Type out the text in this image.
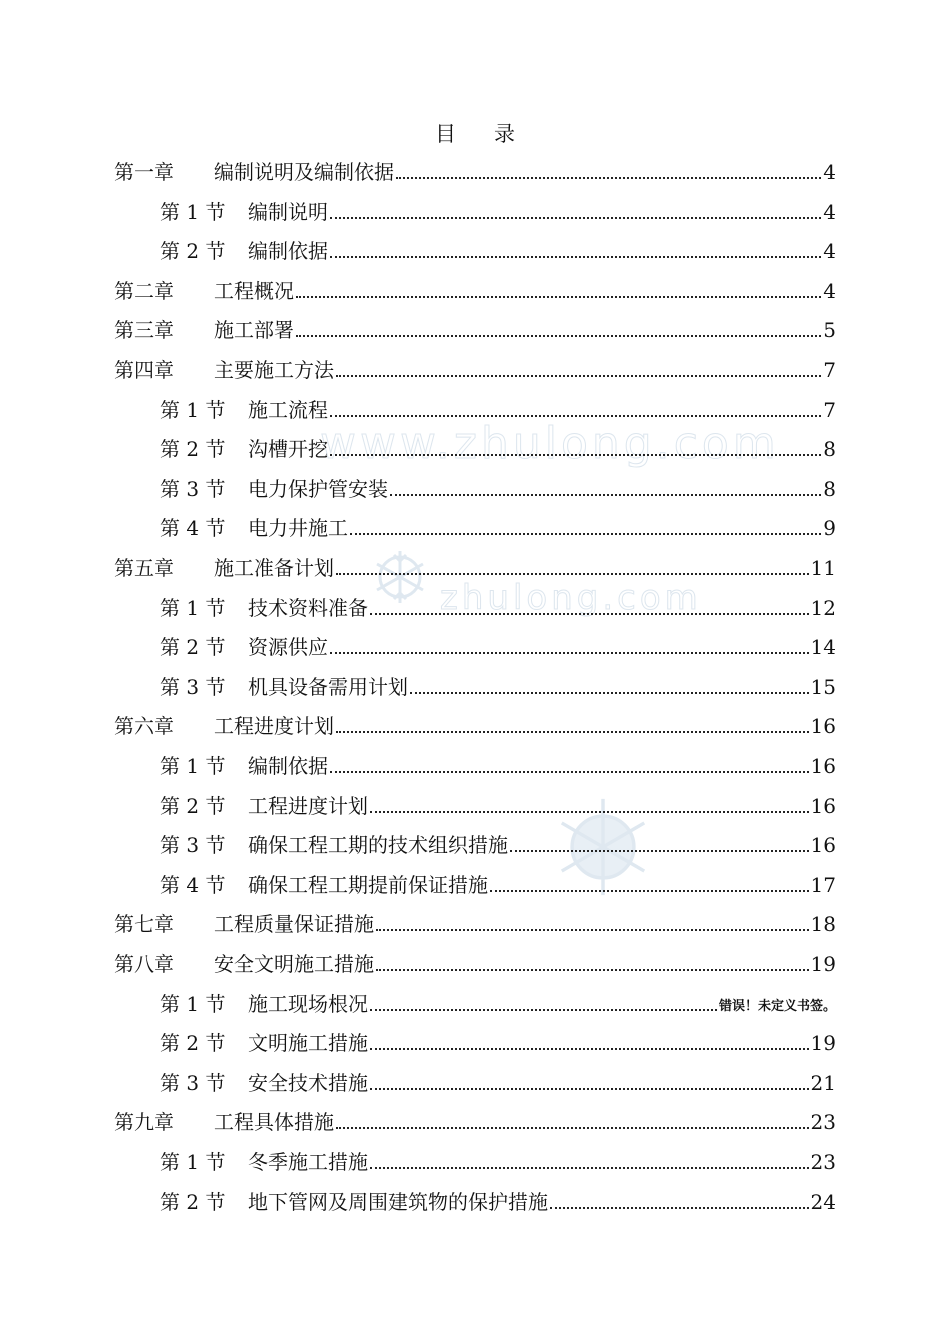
www.zhulong.com
zhulong.com
目 录
第一章	编制说明及编制依据	4
第 1 节	编制说明	4
第 2 节	编制依据	4
第二章	工程概况	4
第三章	施工部署	5
第四章	主要施工方法	7
第 1 节	施工流程	7
第 2 节	沟槽开挖	8
第 3 节	电力保护管安装	8
第 4 节	电力井施工	9
第五章	施工准备计划	11
第 1 节	技术资料准备	12
第 2 节	资源供应	14
第 3 节	机具设备需用计划	15
第六章	工程进度计划	16
第 1 节	编制依据	16
第 2 节	工程进度计划	16
第 3 节	确保工程工期的技术组织措施	16
第 4 节	确保工程工期提前保证措施	17
第七章	工程质量保证措施	18
第八章	安全文明施工措施	19
第 1 节	施工现场根况	错误！未定义书签。
第 2 节	文明施工措施	19
第 3 节	安全技术措施	21
第九章	工程具体措施	23
第 1 节	冬季施工措施	23
第 2 节	地下管网及周围建筑物的保护措施	24
